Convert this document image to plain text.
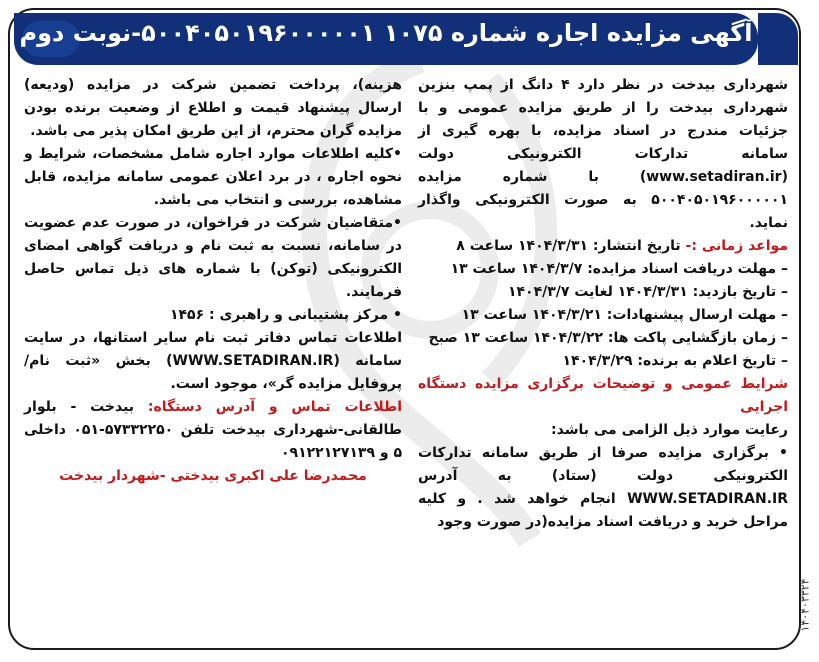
آگهی مزایده اجاره شماره ۱۰۷۵ ۵۰۰۴۰۵۰۱۹۶۰۰۰۰۰۱-نوبت دوم

شهرداری بیدخت در نظر دارد ۴ دانگ از پمپ بنزین شهرداری بیدخت را از طریق مزایده عمومی و با جزئیات مندرج در اسناد مزایده، با بهره گیری از سامانه تدارکات الکترونیکی دولت (www.setadiran.ir) با شماره مزایده ۵۰۰۴۰۵۰۱۹۶۰۰۰۰۰۱ به صورت الکترونیکی واگذار نماید.

مواعد زمانی :- تاریخ انتشار: ۱۴۰۴/۳/۳۱ ساعت ۸

– مهلت دریافت اسناد مزایده: ۱۴۰۴/۳/۷ ساعت ۱۳

– تاریخ بازدید: ۱۴۰۴/۳/۳۱ لغایت ۱۴۰۴/۳/۷

– مهلت ارسال پیشنهادات: ۱۴۰۴/۳/۲۱ ساعت ۱۳

– زمان بازگشایی پاکت ها: ۱۴۰۴/۳/۲۲ ساعت ۱۳ صبح

– تاریخ اعلام به برنده: ۱۴۰۴/۳/۲۹

شرایط عمومی و توضیحات برگزاری مزایده دستگاه اجرایی

رعایت موارد ذیل الزامی می باشد:

• برگزاری مزایده صرفا از طریق سامانه تدارکات الکترونیکی دولت (ستاد) به آدرس WWW.SETADIRAN.IR انجام خواهد شد . و کلیه مراحل خرید و دریافت اسناد مزایده(در صورت وجود

هزینه)، پرداخت تضمین شرکت در مزایده (ودیعه) ارسال پیشنهاد قیمت و اطلاع از وضعیت برنده بودن مزایده گران محترم، از این طریق امکان پذیر می باشد.

•کلیه اطلاعات موارد اجاره شامل مشخصات، شرایط و نحوه اجاره ، در برد اعلان عمومی سامانه مزایده، قابل مشاهده، بررسی و انتخاب می باشد.

•متقاضیان شرکت در فراخوان، در صورت عدم عضویت در سامانه، نسبت به ثبت نام و دریافت گواهی امضای الکترونیکی (توکن) با شماره های ذیل تماس حاصل فرمایند.

• مرکز پشتیبانی و راهبری : ۱۴۵۶

اطلاعات تماس دفاتر ثبت نام سایر استانها، در سایت سامانه (WWW.SETADIRAN.IR) بخش «ثبت نام/پروفایل مزایده گر»، موجود است.

اطلاعات تماس و آدرس دستگاه: بیدخت - بلوار طالقانی-شهرداری بیدخت تلفن ۵۷۳۳۲۲۵۰-۰۵۱ داخلی ۵ و ۰۹۱۲۲۱۲۷۱۳۹

محمدرضا علی اکبری بیدختی -شهردار بیدخت

۱۴۰۴۰۳۳۲۴
